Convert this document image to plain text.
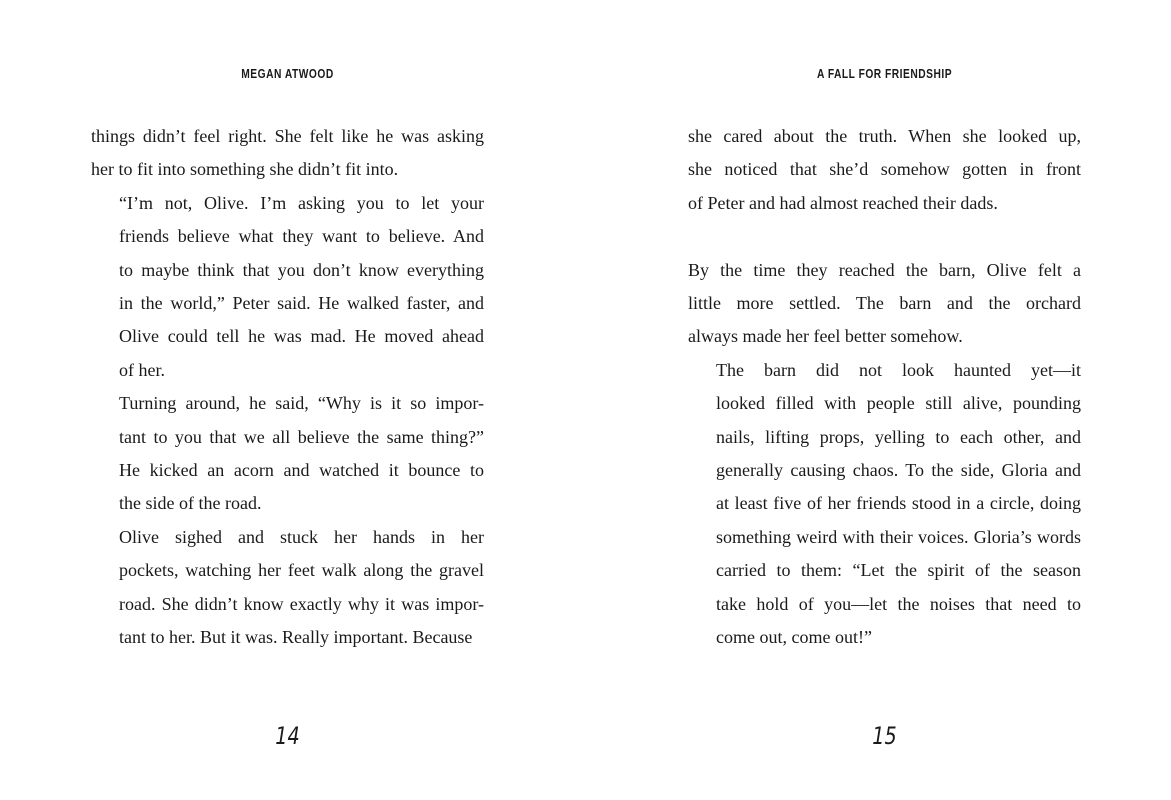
MEGAN ATWOOD

things didn’t feel right. She felt like he was asking
her to fit into something she didn’t fit into.

“I’m not, Olive. I’m asking you to let your
friends believe what they want to believe. And
to maybe think that you don’t know everything
in the world,” Peter said. He walked faster, and
Olive could tell he was mad. He moved ahead
of her.

Turning around, he said, “Why is it so impor-
tant to you that we all believe the same thing?”
He kicked an acorn and watched it bounce to
the side of the road.

Olive sighed and stuck her hands in her
pockets, watching her feet walk along the gravel
road. She didn’t know exactly why it was impor-
tant to her. But it was. Really important. Because

14
A FALL FOR FRIENDSHIP

she cared about the truth. When she looked up,
she noticed that she’d somehow gotten in front
of Peter and had almost reached their dads.

By the time they reached the barn, Olive felt a
little more settled. The barn and the orchard
always made her feel better somehow.

The barn did not look haunted yet—it
looked filled with people still alive, pounding
nails, lifting props, yelling to each other, and
generally causing chaos. To the side, Gloria and
at least five of her friends stood in a circle, doing
something weird with their voices. Gloria’s words
carried to them: “Let the spirit of the season
take hold of you—let the noises that need to
come out, come out!”

15
